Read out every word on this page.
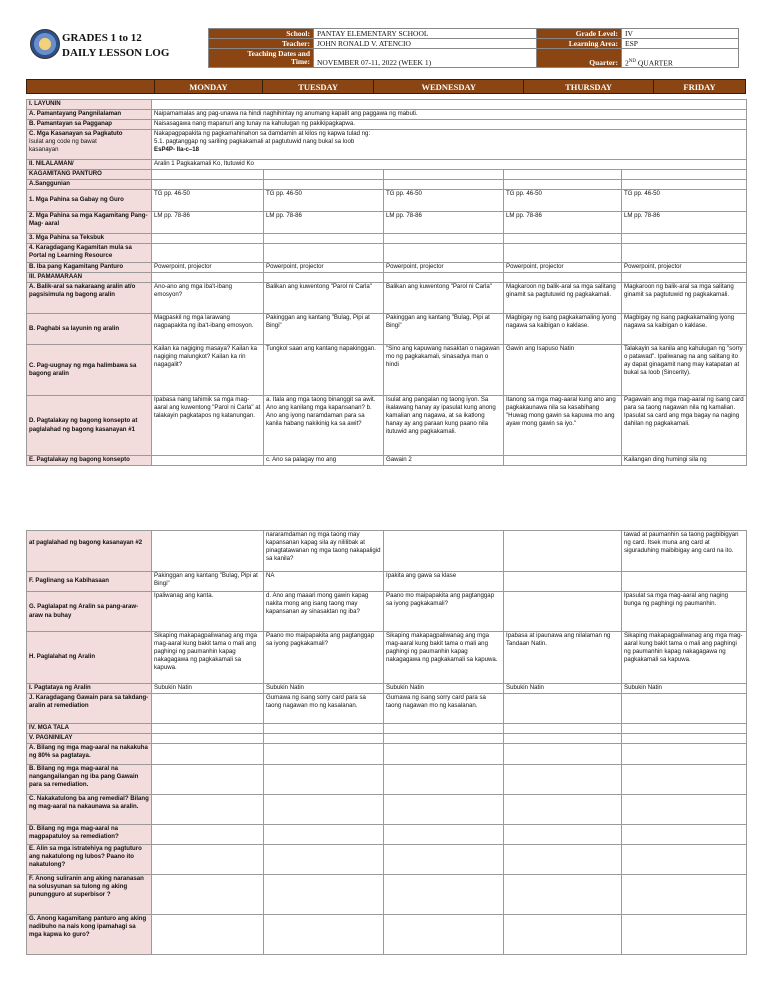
GRADES 1 to 12
DAILY LESSON LOG
School:	PANTAY ELEMENTARY SCHOOL	Grade Level:	IV
Teacher:	JOHN RONALD V. ATENCIO	Learning Area:	ESP

Teaching Dates and
Time:	NOVEMBER 07-11, 2022 (WEEK 1)	Quarter:	2ND QUARTER
	MONDAY	TUESDAY	WEDNESDAY	THURSDAY	FRIDAY
I. LAYUNIN					
A. Pamantayang Pangnilalaman	Naipamamalas ang pag-unawa na hindi naghihintay ng anumang kapalit ang paggawa ng mabuti.				
B. Pamantayan sa Pagganap	Naisasagawa nang mapanuri ang tunay na kahulugan ng pakikipagkapwa.				

C. Mga Kasanayan sa Pagkatuto
Isulat ang code ng bawat
kasanayan	Nakapagpapakita ng pagkamahinahon sa damdamin at kilos ng kapwa tulad ng:
5.1. pagtanggap ng sariling pagkakamali at pagtutuwid nang bukal sa loob
EsP4P- IIa-c–18				

II. NILALAMAN/	Aralin 1 Pagkakamali Ko, Itutuwid Ko				
KAGAMITANG PANTURO					
A.Sanggunian					
1. Mga Pahina sa Gabay ng Guro	TG pp. 46-50	TG pp. 46-50	TG pp. 46-50	TG pp. 46-50	TG pp. 46-50
2. Mga Pahina sa mga Kagamitang Pang- Mag- aaral	LM pp. 78-86	LM pp. 78-86	LM pp. 78-86	LM pp. 78-86	LM pp. 78-86
3. Mga Pahina sa Teksbuk					
4. Karagdagang Kagamitan mula sa Portal ng Learning Resource					
B. Iba pang Kagamitang Panturo	Powerpoint, projector	Powerpoint, projector	Powerpoint, projector	Powerpoint, projector	Powerpoint, projector
III. PAMAMARAAN					
A. Balik-aral sa nakaraang aralin at/o pagsisimula ng bagong aralin	Ano-ano ang mga iba't-ibang emosyon?	Balikan ang kuwentong "Parol ni Carla"	Balikan ang kuwentong "Parol ni Carla"	Magkaroon ng balik-aral sa mga salitang ginamit sa pagtutuwid ng pagkakamali.	Magkaroon ng balik-aral sa mga salitang ginamit sa pagtutuwid ng pagkakamali.
B. Paghabi sa layunin ng aralin	Magpaskil ng mga larawang nagpapakita ng iba't-ibang emosyon.	Pakinggan ang kantang "Bulag, Pipi at Bingi"	Pakinggan ang kantang "Bulag, Pipi at Bingi"	Magbigay ng isang pagkakamaling iyong nagawa sa kaibigan o kaklase.	Magbigay ng isang pagkakamaling iyong nagawa sa kaibigan o kaklase.
C. Pag-uugnay ng mga halimbawa sa bagong aralin	Kailan ka nagiging masaya? Kailan ka nagiging malungkot? Kailan ka rin nagagalit?	Tungkol saan ang kantang napakinggan.	"Sino ang kapuwang nasaktan o nagawan mo ng pagkakamali, sinasadya man o hindi	Gawin ang Isapuso Natin	Talakayin sa kanila ang kahulugan ng "sorry o patawad". Ipaliwanag na ang salitang ito ay dapat ginagamit nang may katapatan at bukal sa loob (Sincerity).
D. Pagtalakay ng bagong konsepto at paglalahad ng bagong kasanayan #1	Ipabasa nang tahimik sa mga mag-aaral ang kuwentong "Parol ni Carla" at talakayin pagkatapos ng katanungan.	a. Itala ang mga taong binanggit sa awit. Ano ang kanilang mga kapansanan? b. Ano ang iyong naramdaman para sa kanila habang nakikinig ka sa awit?	Isulat ang pangalan ng taong iyon. Sa ikalawang hanay ay ipasulat kung anong kamalian ang nagawa, at sa ikatlong hanay ay ang paraan kung paano nila itutuwid ang pagkakamali.	Itanong sa mga mag-aaral kung ano ang pagkakaunawa nila sa kasabihang "Huwag mong gawin sa kapuwa mo ang ayaw mong gawin sa iyo."	Pagawain ang mga mag-aaral ng isang card para sa taong nagawan nila ng kamalian. Ipasulat sa card ang mga bagay na naging dahilan ng pagkakamali.
E. Pagtalakay ng bagong konsepto		c. Ano sa palagay mo ang	Gawain 2		Kailangan ding humingi sila ng
at paglalahad ng bagong kasanayan #2		nararamdaman ng mga taong may kapansanan kapag sila ay nililibak at pinagtatawanan ng mga taong nakapaligid sa kanila?			tawad at paumanhin sa taong pagbibigyan ng card. Itsek muna ang card at siguraduhing maibibigay ang card na ito.
F. Paglinang sa Kabihasaan	Pakinggan ang kantang "Bulag, Pipi at Bingi"	NA	Ipakita ang gawa sa klase		
G. Paglalapat ng Aralin sa pang-araw-araw na buhay	Ipaliwanag ang kanta.	d. Ano ang maaari mong gawin kapag nakita mong ang isang taong may kapansanan ay sinasaktan ng iba?	Paano mo maipapakita ang pagtanggap sa iyong pagkakamali?		Ipasulat sa mga mag-aaral ang naging bunga ng paghingi ng paumanhin.
H. Paglalahat ng Aralin	Sikaping makapagpaliwanag ang mga mag-aaral kung bakit tama o mali ang paghingi ng paumanhin kapag nakagagawa ng pagkakamali sa kapuwa.	Paano mo maipapakita ang pagtanggap sa iyong pagkakamali?	Sikaping makapagpaliwanag ang mga mag-aaral kung bakit tama o mali ang paghingi ng paumanhin kapag nakagagawa ng pagkakamali sa kapuwa.	Ipabasa at ipaunawa ang nilalaman ng Tandaan Natin.	Sikaping makapagpaliwanag ang mga mag-aaral kung bakit tama o mali ang paghingi ng paumanhin kapag nakagagawa ng pagkakamali sa kapuwa.
I. Pagtataya ng Aralin	Subukin Natin	Subukin Natin	Subukin Natin	Subukin Natin	Subukin Natin
J. Karagdagang Gawain para sa takdang- aralin at remediation		Gumawa ng isang sorry card para sa taong nagawan mo ng kasalanan.	Gumawa ng isang sorry card para sa taong nagawan mo ng kasalanan.		
IV. MGA TALA					
V. PAGNINILAY					
A. Bilang ng mga mag-aaral na nakakuha ng 80% sa pagtataya.					
B. Bilang ng mga mag-aaral na nangangailangan ng iba pang Gawain para sa remediation.					
C. Nakakatulong ba ang remedial? Bilang ng mag-aaral na nakaunawa sa aralin.					
D. Bilang ng mga mag-aaral na magpapatuloy sa remediation?					
E. Alin sa mga istratehiya ng pagtuturo ang nakatulong ng lubos? Paano ito nakatulong?					
F. Anong suliranin ang aking naranasan na solusyunan sa tulong ng aking punungguro at superbisor ?					
G. Anong kagamitang panturo ang aking nadibuho na nais kong ipamahagi sa mga kapwa ko guro?					
